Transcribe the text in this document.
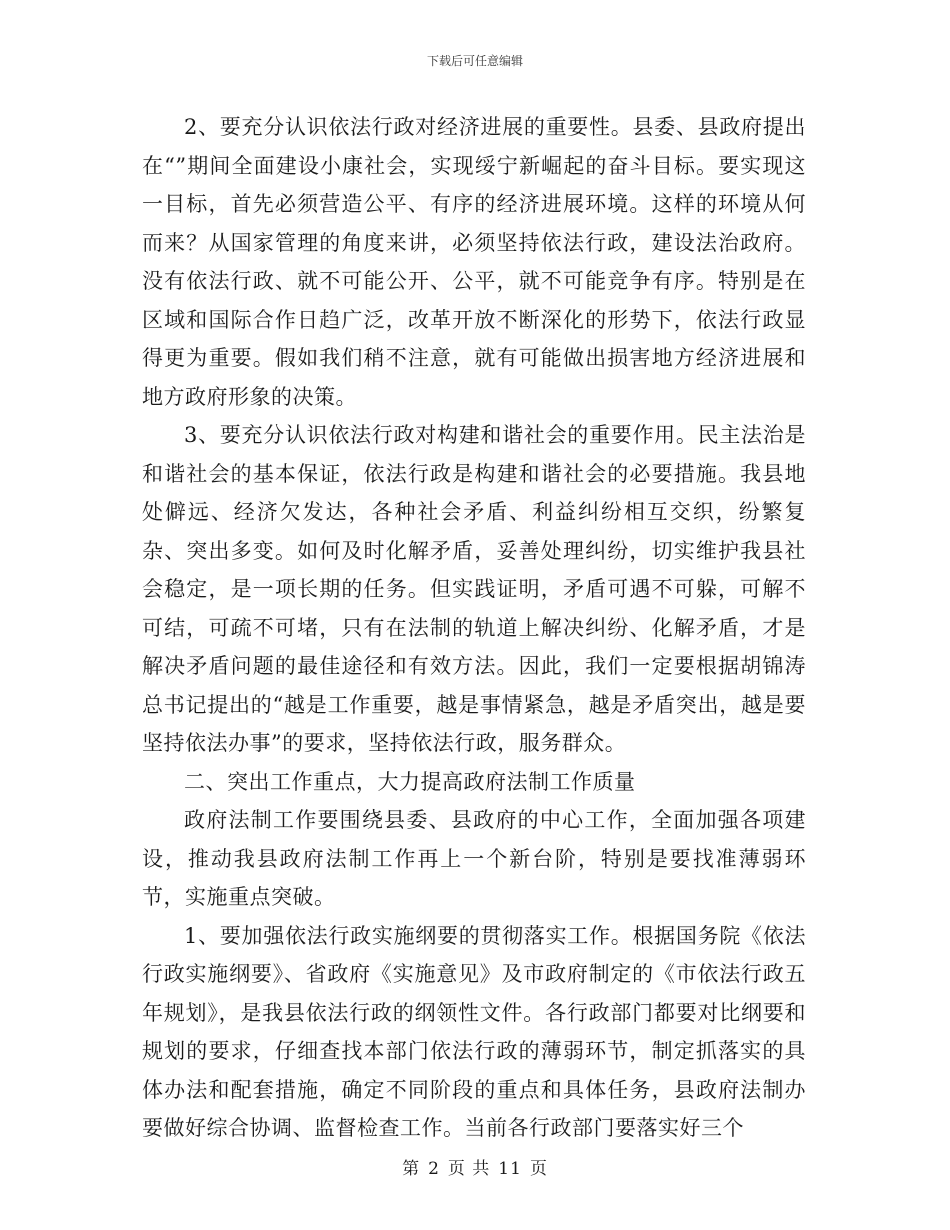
下载后可任意编辑

2、要充分认识依法行政对经济进展的重要性。县委、县政府提出在“”期间全面建设小康社会，实现绥宁新崛起的奋斗目标。要实现这一目标，首先必须营造公平、有序的经济进展环境。这样的环境从何而来？从国家管理的角度来讲，必须坚持依法行政，建设法治政府。没有依法行政、就不可能公开、公平，就不可能竞争有序。特别是在区域和国际合作日趋广泛，改革开放不断深化的形势下，依法行政显得更为重要。假如我们稍不注意，就有可能做出损害地方经济进展和地方政府形象的决策。

3、要充分认识依法行政对构建和谐社会的重要作用。民主法治是和谐社会的基本保证，依法行政是构建和谐社会的必要措施。我县地处僻远、经济欠发达，各种社会矛盾、利益纠纷相互交织，纷繁复杂、突出多变。如何及时化解矛盾，妥善处理纠纷，切实维护我县社会稳定，是一项长期的任务。但实践证明，矛盾可遇不可躲，可解不可结，可疏不可堵，只有在法制的轨道上解决纠纷、化解矛盾，才是解决矛盾问题的最佳途径和有效方法。因此，我们一定要根据胡锦涛总书记提出的“越是工作重要，越是事情紧急，越是矛盾突出，越是要坚持依法办事”的要求，坚持依法行政，服务群众。

二、突出工作重点，大力提高政府法制工作质量

政府法制工作要围绕县委、县政府的中心工作，全面加强各项建设，推动我县政府法制工作再上一个新台阶，特别是要找准薄弱环节，实施重点突破。

1、要加强依法行政实施纲要的贯彻落实工作。根据国务院《依法行政实施纲要》、省政府《实施意见》及市政府制定的《市依法行政五年规划》，是我县依法行政的纲领性文件。各行政部门都要对比纲要和规划的要求，仔细查找本部门依法行政的薄弱环节，制定抓落实的具体办法和配套措施，确定不同阶段的重点和具体任务，县政府法制办要做好综合协调、监督检查工作。当前各行政部门要落实好三个

第 2 页 共 11 页
